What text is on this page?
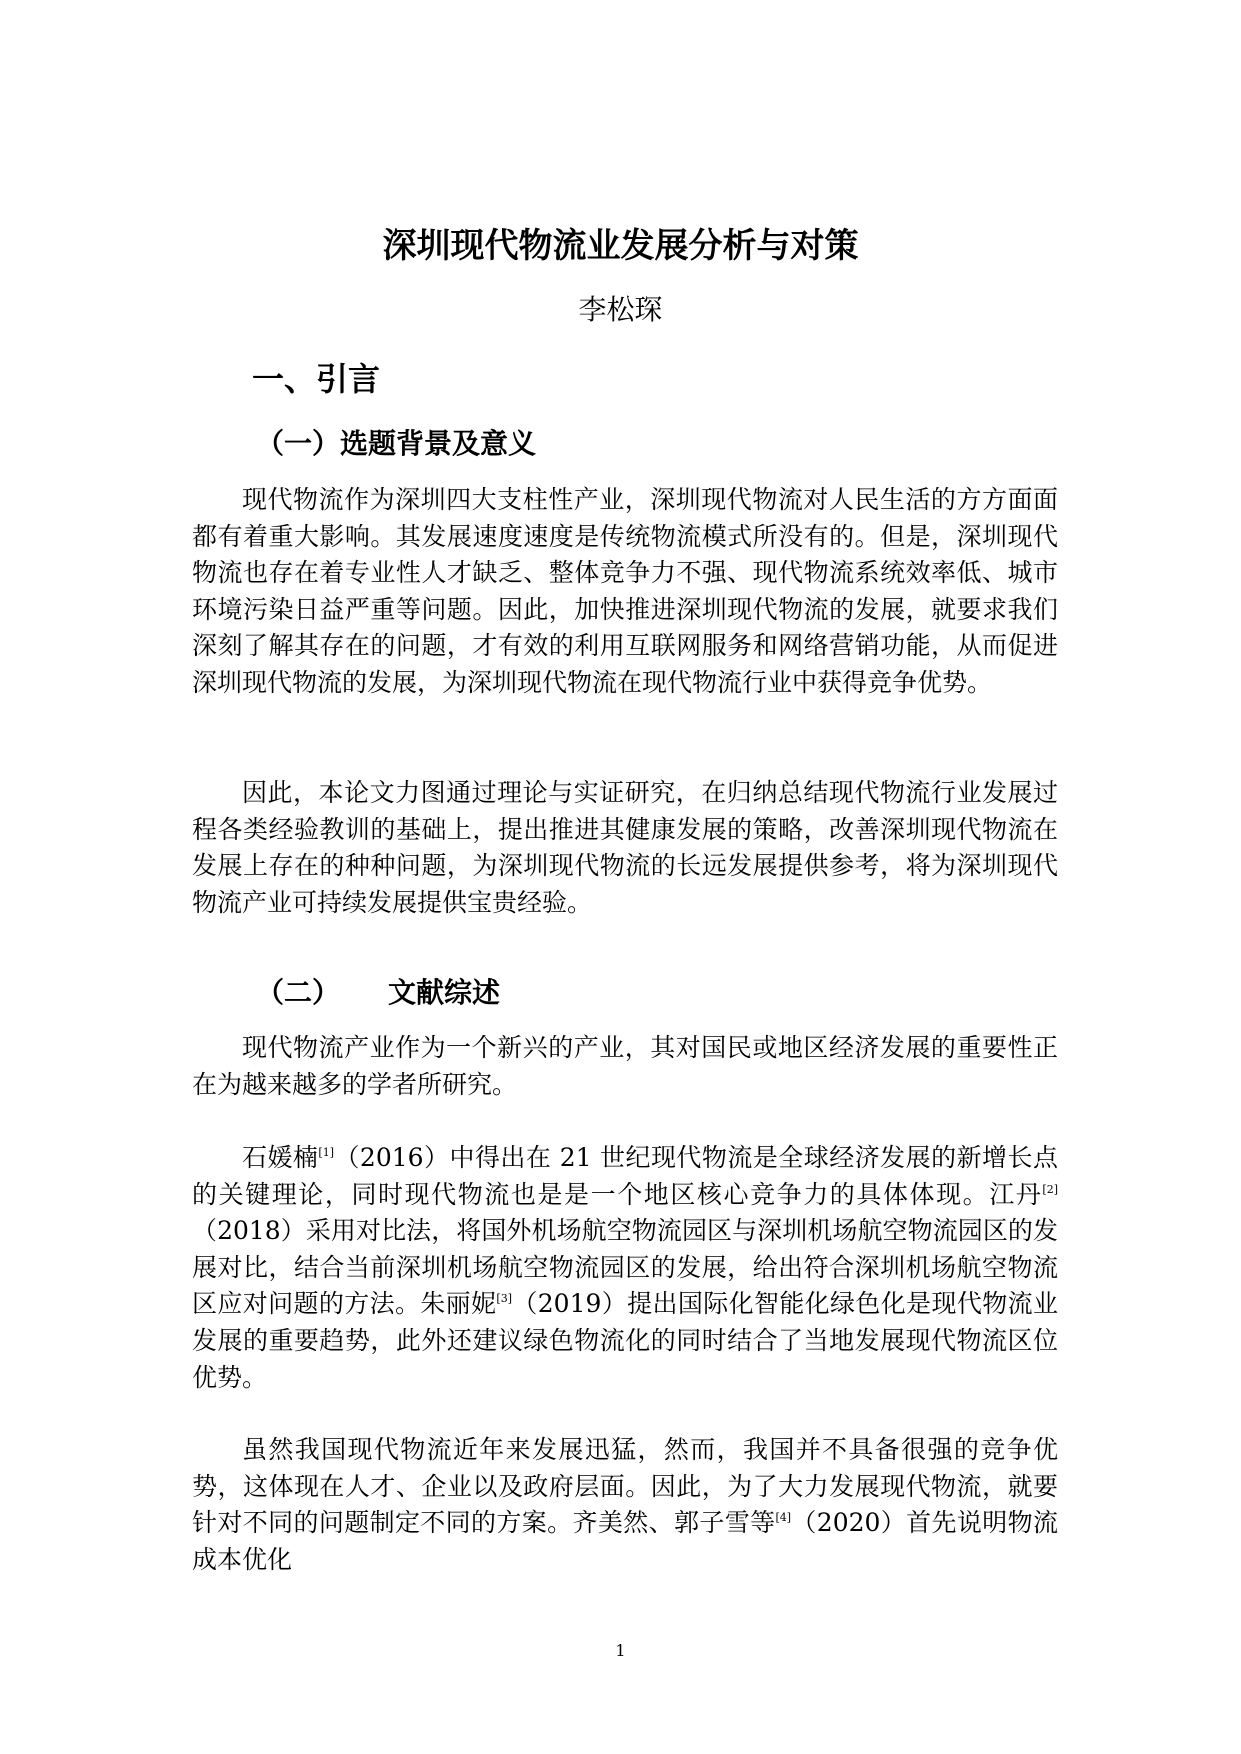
深圳现代物流业发展分析与对策

李松琛

一、引言
（一）选题背景及意义

现代物流作为深圳四大支柱性产业，深圳现代物流对人民生活的方方面面都有着重大影响。其发展速度速度是传统物流模式所没有的。但是，深圳现代物流也存在着专业性人才缺乏、整体竞争力不强、现代物流系统效率低、城市环境污染日益严重等问题。因此，加快推进深圳现代物流的发展，就要求我们深刻了解其存在的问题，才有效的利用互联网服务和网络营销功能，从而促进深圳现代物流的发展，为深圳现代物流在现代物流行业中获得竞争优势。

因此，本论文力图通过理论与实证研究，在归纳总结现代物流行业发展过程各类经验教训的基础上，提出推进其健康发展的策略，改善深圳现代物流在发展上存在的种种问题，为深圳现代物流的长远发展提供参考，将为深圳现代物流产业可持续发展提供宝贵经验。

（二） 文献综述

现代物流产业作为一个新兴的产业，其对国民或地区经济发展的重要性正在为越来越多的学者所研究。

石媛楠[1]（2016）中得出在 21 世纪现代物流是全球经济发展的新增长点的关键理论，同时现代物流也是是一个地区核心竞争力的具体体现。江丹[2]（2018）采用对比法，将国外机场航空物流园区与深圳机场航空物流园区的发展对比，结合当前深圳机场航空物流园区的发展，给出符合深圳机场航空物流区应对问题的方法。朱丽妮[3]（2019）提出国际化智能化绿色化是现代物流业发展的重要趋势，此外还建议绿色物流化的同时结合了当地发展现代物流区位优势。

虽然我国现代物流近年来发展迅猛，然而，我国并不具备很强的竞争优势，这体现在人才、企业以及政府层面。因此，为了大力发展现代物流，就要针对不同的问题制定不同的方案。齐美然、郭子雪等[4]（2020）首先说明物流成本优化

1
